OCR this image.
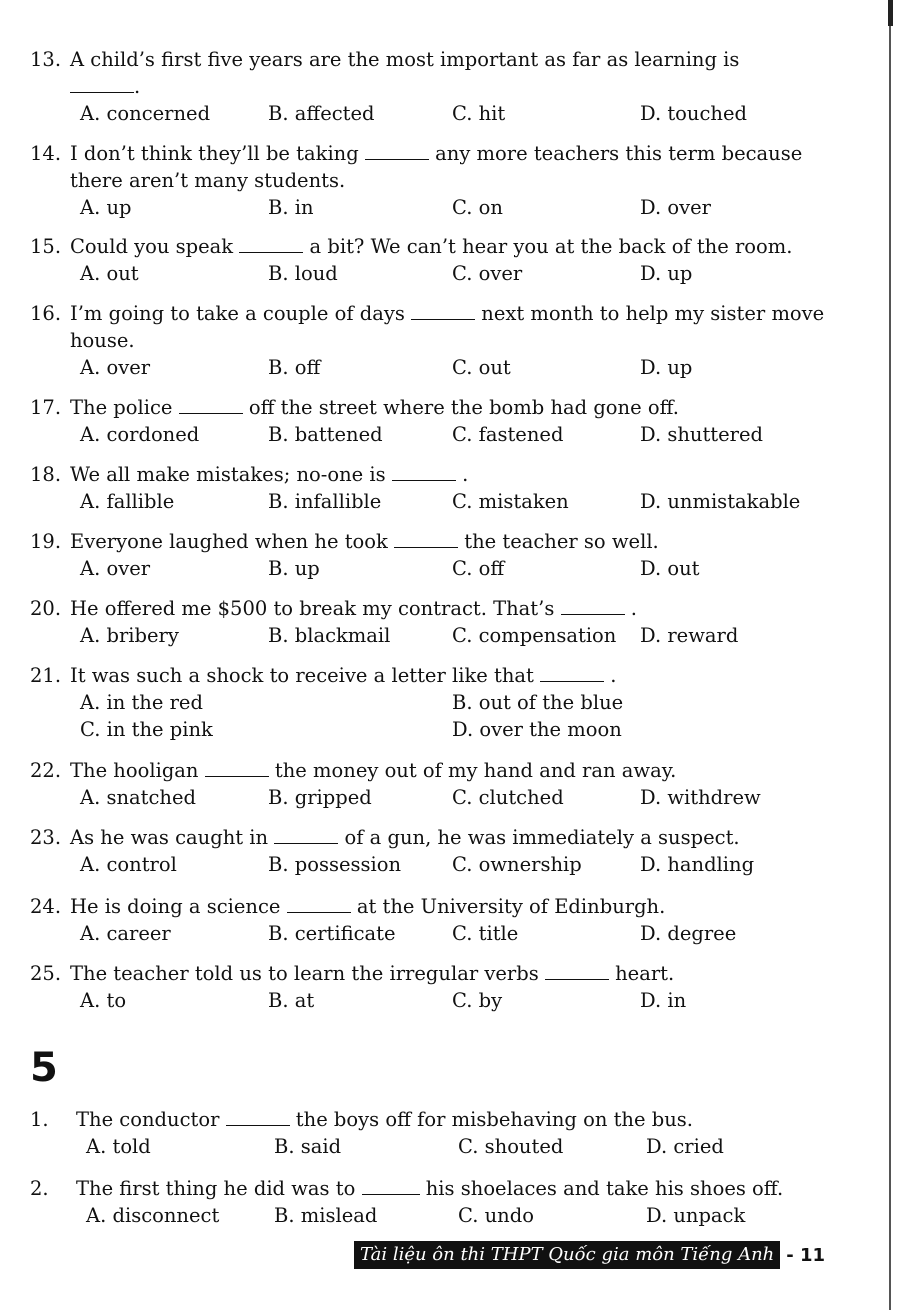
13. A child’s first five years are the most important as far as learning is
.
A. concerned	B. affected	C. hit	D. touched
14. I don’t think they’ll be taking	any more teachers this term because there aren’t many students.
A. up	B. in	C. on	D. over
15. Could you speak	a bit? We can’t hear you at the back of the room.
A. out	B. loud	C. over	D. up
16. I’m going to take a couple of days	next month to help my sister move house.
A. over	B. off	C. out	D. up
17. The police	off the street where the bomb had gone off.
A. cordoned	B. battened	C. fastened	D. shuttered
18. We all make mistakes; no-one is	.
A. fallible	B. infallible	C. mistaken	D. unmistakable
19. Everyone laughed when he took	the teacher so well.
A. over	B. up	C. off	D. out
20. He offered me $500 to break my contract. That’s	.
A. bribery	B. blackmail	C. compensation D. reward
21. It was such a shock to receive a letter like that	.
A. in the red	B. out of the blue
C. in the pink	D. over the moon
22. The hooligan	the money out of my hand and ran away.
A. snatched	B. gripped	C. clutched	D. withdrew
23. As he was caught in	of a gun, he was immediately a suspect.
A. control	B. possession	C. ownership	D. handling
24. He is doing a science	at the University of Edinburgh.
A. career	B. certificate	C. title	D. degree
25. The teacher told us to learn the irregular verbs	heart.
A. to	B. at	C. by	D. in
5
1. The conductor	the boys off for misbehaving on the bus.
A. told	B. said	C. shouted	D. cried
2. The first thing he did was to	his shoelaces and take his shoes off.
A. disconnect	B. mislead	C. undo	D. unpack
Tài liệu ôn thi THPT Quốc gia môn Tiếng Anh - 11
